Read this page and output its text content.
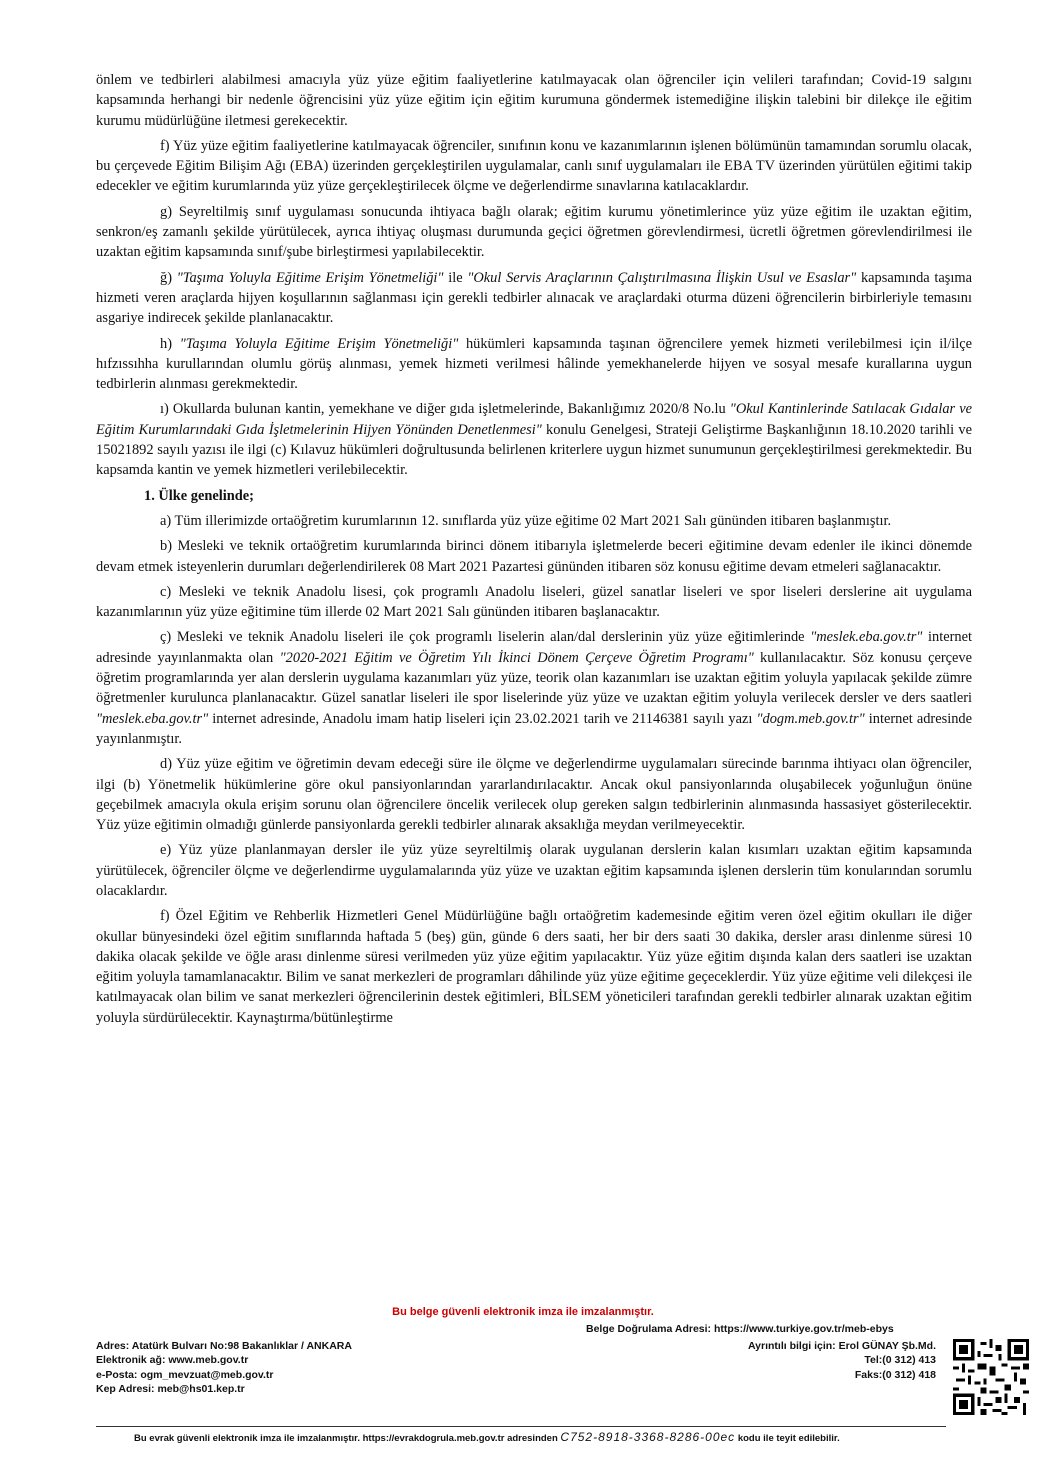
önlem ve tedbirleri alabilmesi amacıyla yüz yüze eğitim faaliyetlerine katılmayacak olan öğrenciler için velileri tarafından; Covid-19 salgını kapsamında herhangi bir nedenle öğrencisini yüz yüze eğitim için eğitim kurumuna göndermek istemediğine ilişkin talebini bir dilekçe ile eğitim kurumu müdürlüğüne iletmesi gerekecektir.

f) Yüz yüze eğitim faaliyetlerine katılmayacak öğrenciler, sınıfının konu ve kazanımlarının işlenen bölümünün tamamından sorumlu olacak, bu çerçevede Eğitim Bilişim Ağı (EBA) üzerinden gerçekleştirilen uygulamalar, canlı sınıf uygulamaları ile EBA TV üzerinden yürütülen eğitimi takip edecekler ve eğitim kurumlarında yüz yüze gerçekleştirilecek ölçme ve değerlendirme sınavlarına katılacaklardır.

g) Seyreltilmiş sınıf uygulaması sonucunda ihtiyaca bağlı olarak; eğitim kurumu yönetimlerince yüz yüze eğitim ile uzaktan eğitim, senkron/eş zamanlı şekilde yürütülecek, ayrıca ihtiyaç oluşması durumunda geçici öğretmen görevlendirmesi, ücretli öğretmen görevlendirilmesi ile uzaktan eğitim kapsamında sınıf/şube birleştirmesi yapılabilecektir.

ğ) "Taşıma Yoluyla Eğitime Erişim Yönetmeliği" ile "Okul Servis Araçlarının Çalıştırılmasına İlişkin Usul ve Esaslar" kapsamında taşıma hizmeti veren araçlarda hijyen koşullarının sağlanması için gerekli tedbirler alınacak ve araçlardaki oturma düzeni öğrencilerin birbirleriyle temasını asgariye indirecek şekilde planlanacaktır.

h) "Taşıma Yoluyla Eğitime Erişim Yönetmeliği" hükümleri kapsamında taşınan öğrencilere yemek hizmeti verilebilmesi için il/ilçe hıfzıssıhha kurullarından olumlu görüş alınması, yemek hizmeti verilmesi hâlinde yemekhanelerde hijyen ve sosyal mesafe kurallarına uygun tedbirlerin alınması gerekmektedir.

ı) Okullarda bulunan kantin, yemekhane ve diğer gıda işletmelerinde, Bakanlığımız 2020/8 No.lu "Okul Kantinlerinde Satılacak Gıdalar ve Eğitim Kurumlarındaki Gıda İşletmelerinin Hijyen Yönünden Denetlenmesi" konulu Genelgesi, Strateji Geliştirme Başkanlığının 18.10.2020 tarihli ve 15021892 sayılı yazısı ile ilgi (c) Kılavuz hükümleri doğrultusunda belirlenen kriterlere uygun hizmet sunumunun gerçekleştirilmesi gerekmektedir. Bu kapsamda kantin ve yemek hizmetleri verilebilecektir.

1. Ülke genelinde;

a) Tüm illerimizde ortaöğretim kurumlarının 12. sınıflarda yüz yüze eğitime 02 Mart 2021 Salı gününden itibaren başlanmıştır.

b) Mesleki ve teknik ortaöğretim kurumlarında birinci dönem itibarıyla işletmelerde beceri eğitimine devam edenler ile ikinci dönemde devam etmek isteyenlerin durumları değerlendirilerek 08 Mart 2021 Pazartesi gününden itibaren söz konusu eğitime devam etmeleri sağlanacaktır.

c) Mesleki ve teknik Anadolu lisesi, çok programlı Anadolu liseleri, güzel sanatlar liseleri ve spor liseleri derslerine ait uygulama kazanımlarının yüz yüze eğitimine tüm illerde 02 Mart 2021 Salı gününden itibaren başlanacaktır.

ç) Mesleki ve teknik Anadolu liseleri ile çok programlı liselerin alan/dal derslerinin yüz yüze eğitimlerinde "meslek.eba.gov.tr" internet adresinde yayınlanmakta olan "2020-2021 Eğitim ve Öğretim Yılı İkinci Dönem Çerçeve Öğretim Programı" kullanılacaktır. Söz konusu çerçeve öğretim programlarında yer alan derslerin uygulama kazanımları yüz yüze, teorik olan kazanımları ise uzaktan eğitim yoluyla yapılacak şekilde zümre öğretmenler kurulunca planlanacaktır. Güzel sanatlar liseleri ile spor liselerinde yüz yüze ve uzaktan eğitim yoluyla verilecek dersler ve ders saatleri "meslek.eba.gov.tr" internet adresinde, Anadolu imam hatip liseleri için 23.02.2021 tarih ve 21146381 sayılı yazı "dogm.meb.gov.tr" internet adresinde yayınlanmıştır.

d) Yüz yüze eğitim ve öğretimin devam edeceği süre ile ölçme ve değerlendirme uygulamaları sürecinde barınma ihtiyacı olan öğrenciler, ilgi (b) Yönetmelik hükümlerine göre okul pansiyonlarından yararlandırılacaktır. Ancak okul pansiyonlarında oluşabilecek yoğunluğun önüne geçebilmek amacıyla okula erişim sorunu olan öğrencilere öncelik verilecek olup gereken salgın tedbirlerinin alınmasında hassasiyet gösterilecektir. Yüz yüze eğitimin olmadığı günlerde pansiyonlarda gerekli tedbirler alınarak aksaklığa meydan verilmeyecektir.

e) Yüz yüze planlanmayan dersler ile yüz yüze seyreltilmiş olarak uygulanan derslerin kalan kısımları uzaktan eğitim kapsamında yürütülecek, öğrenciler ölçme ve değerlendirme uygulamalarında yüz yüze ve uzaktan eğitim kapsamında işlenen derslerin tüm konularından sorumlu olacaklardır.

f) Özel Eğitim ve Rehberlik Hizmetleri Genel Müdürlüğüne bağlı ortaöğretim kademesinde eğitim veren özel eğitim okulları ile diğer okullar bünyesindeki özel eğitim sınıflarında haftada 5 (beş) gün, günde 6 ders saati, her bir ders saati 30 dakika, dersler arası dinlenme süresi 10 dakika olacak şekilde ve öğle arası dinlenme süresi verilmeden yüz yüze eğitim yapılacaktır. Yüz yüze eğitim dışında kalan ders saatleri ise uzaktan eğitim yoluyla tamamlanacaktır. Bilim ve sanat merkezleri de programları dâhilinde yüz yüze eğitime geçeceklerdir. Yüz yüze eğitime veli dilekçesi ile katılmayacak olan bilim ve sanat merkezleri öğrencilerinin destek eğitimleri, BİLSEM yöneticileri tarafından gerekli tedbirler alınarak uzaktan eğitim yoluyla sürdürülecektir. Kaynaştırma/bütünleştirme

Bu belge güvenli elektronik imza ile imzalanmıştır.
Belge Doğrulama Adresi: https://www.turkiye.gov.tr/meb-ebys
Adres: Atatürk Bulvarı No:98 Bakanlıklar / ANKARA
Elektronik ağ: www.meb.gov.tr
e-Posta: ogm_mevzuat@meb.gov.tr
Kep Adresi: meb@hs01.kep.tr
Ayrıntılı bilgi için: Erol GÜNAY Şb.Md.
Tel:(0 312) 413
Faks:(0 312) 418
Bu evrak güvenli elektronik imza ile imzalanmıştır. https://evrakdogrula.meb.gov.tr adresinden C752-8918-3368-8286-00ec kodu ile teyit edilebilir.
